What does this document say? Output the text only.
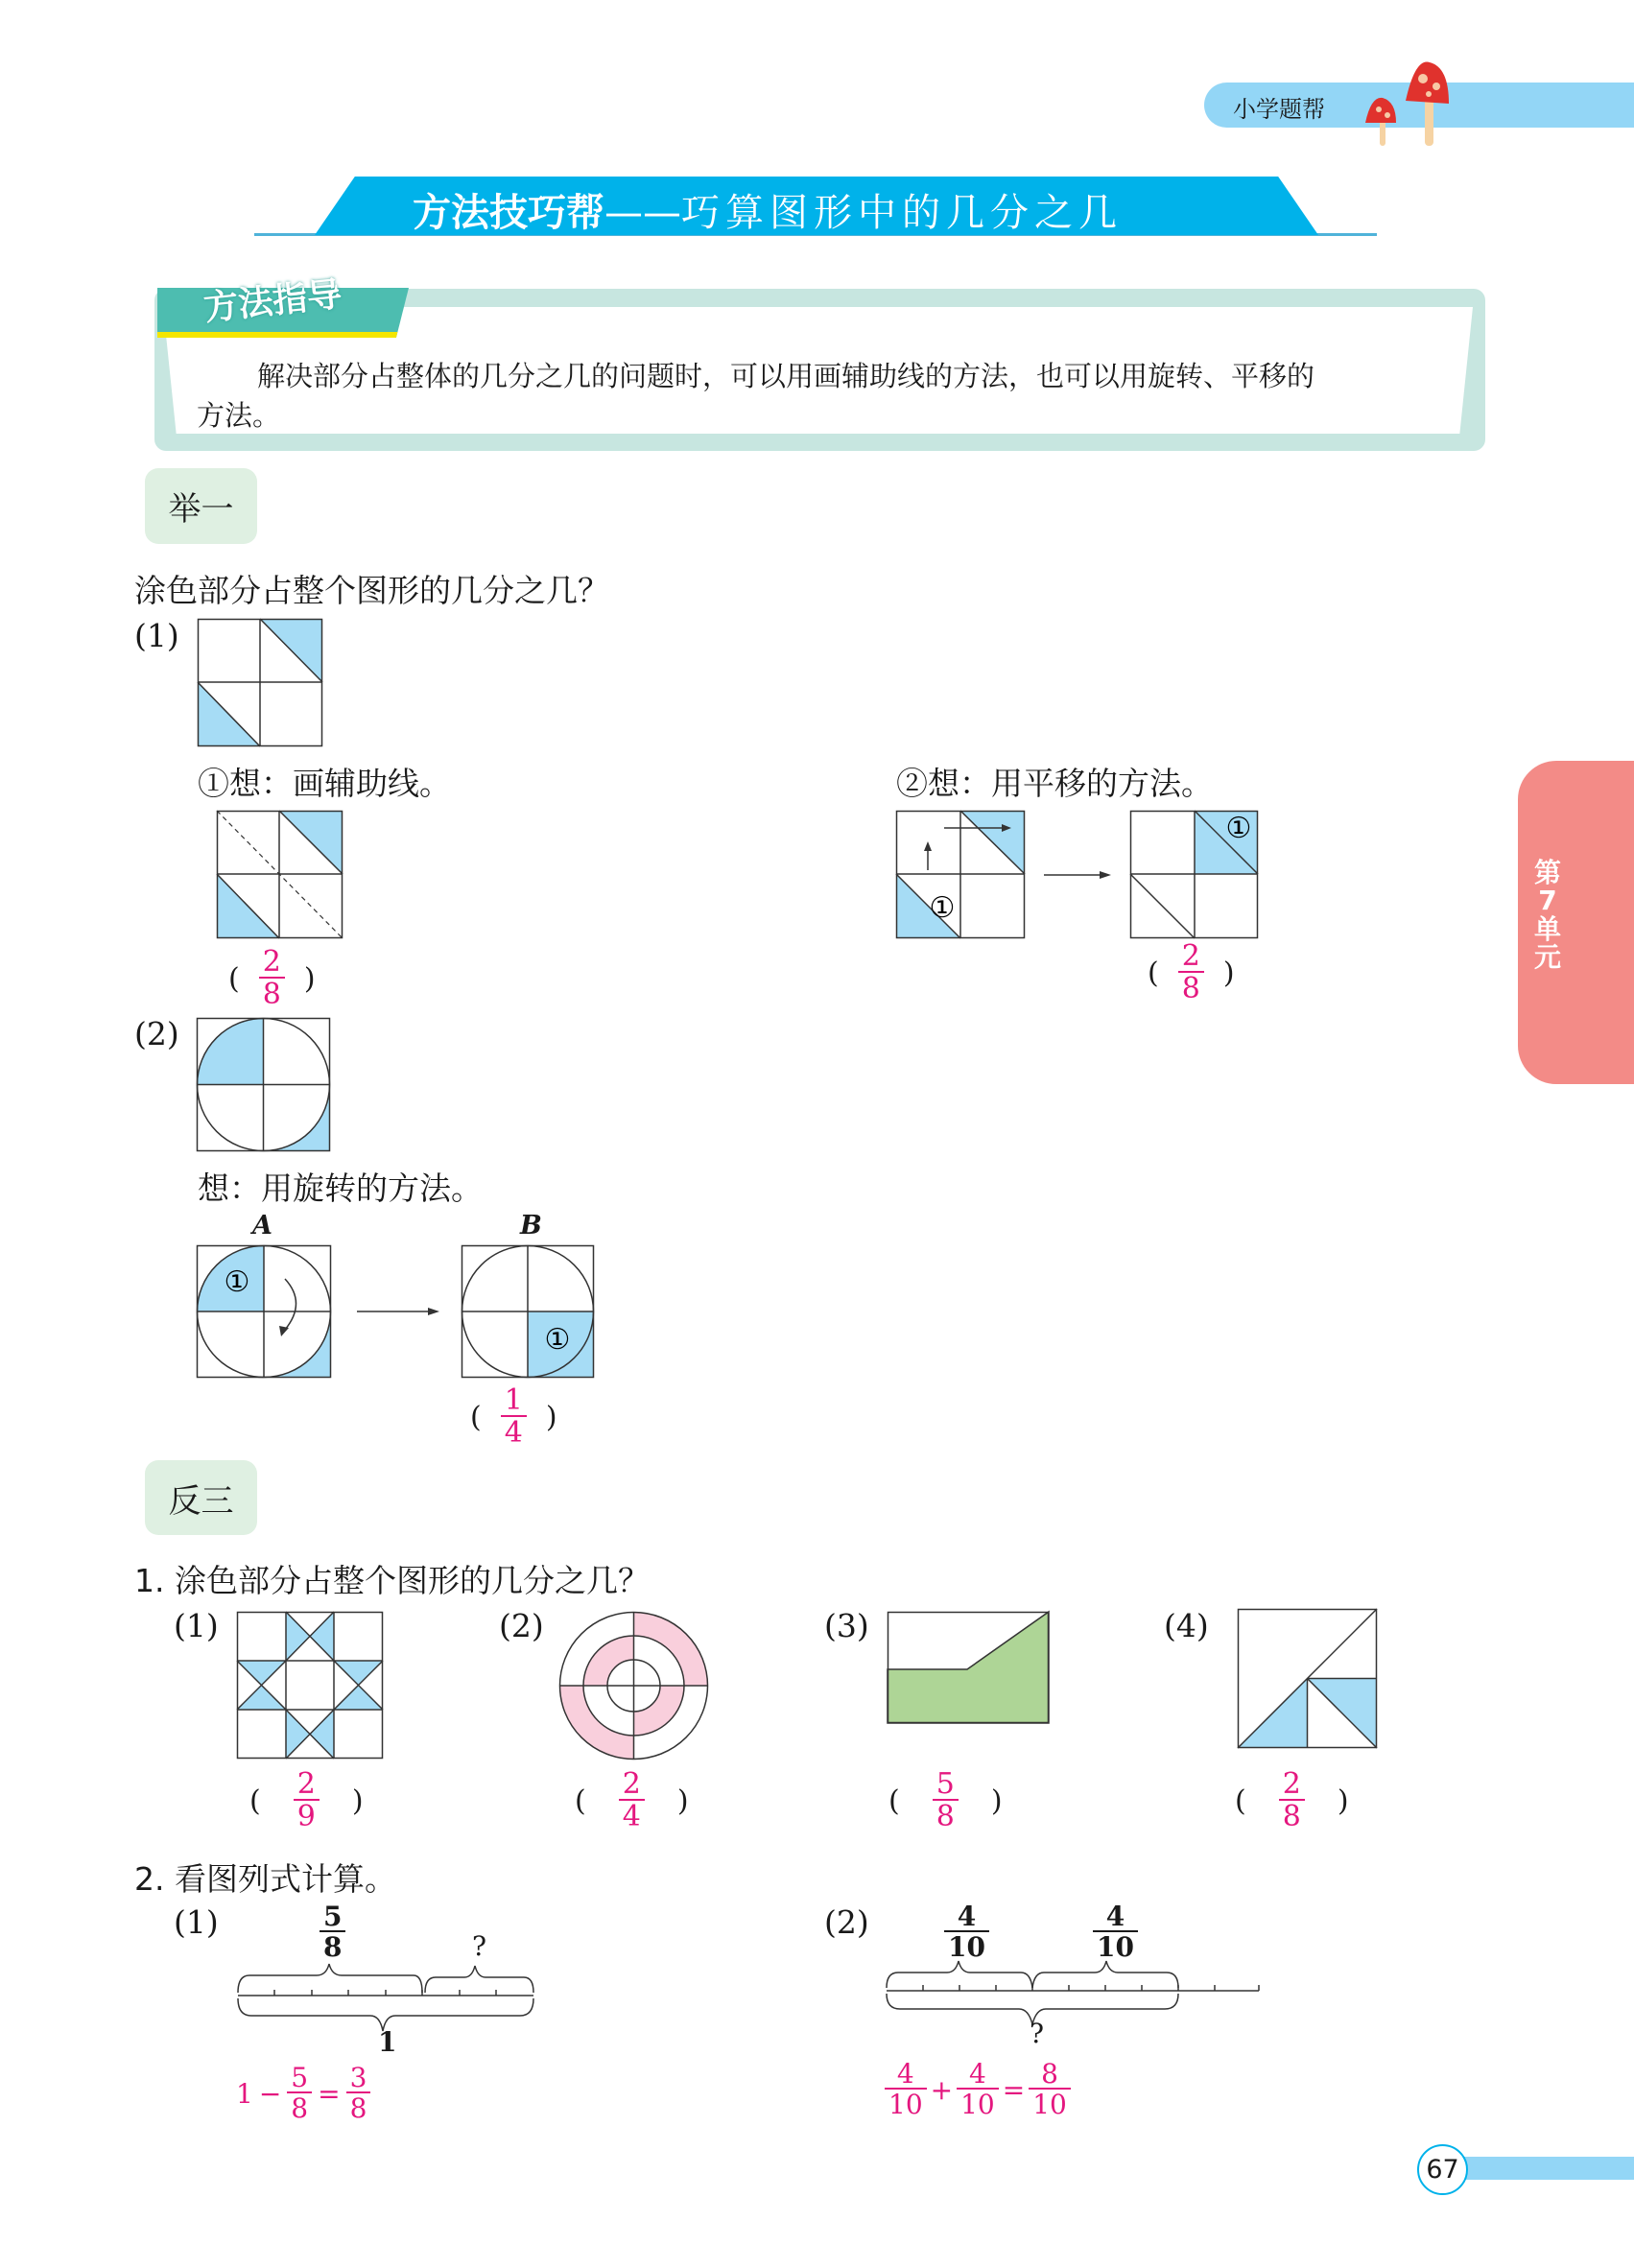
小学题帮
方法技巧帮——巧算图形中的几分之几
方法指导
解决部分占整体的几分之几的问题时，可以用画辅助线的方法，也可以用旋转、平移的
方法。
举一
涂色部分占整个图形的几分之几？
(1)
①想：画辅助线。
( $\frac{2}{8}$ )
②想：用平移的方法。
①
①
( $\frac{2}{8}$ )
(2)
想：用旋转的方法。
A
①
B
①
( $\frac{1}{4}$ )
反三
1. 涂色部分占整个图形的几分之几？
(1)	(2)	(3)	(4)
( $\frac{2}{9}$ )	( $\frac{2}{4}$ )	( $\frac{5}{8}$ )	( $\frac{2}{8}$ )
2. 看图列式计算。
(1)	$\frac{5}{8}$	?
1
$1 - \frac{5}{8} = \frac{3}{8}$
(2)	$\frac{4}{10}$	$\frac{4}{10}$
?
$\frac{4}{10} + \frac{4}{10} = \frac{8}{10}$
第7单元
67
